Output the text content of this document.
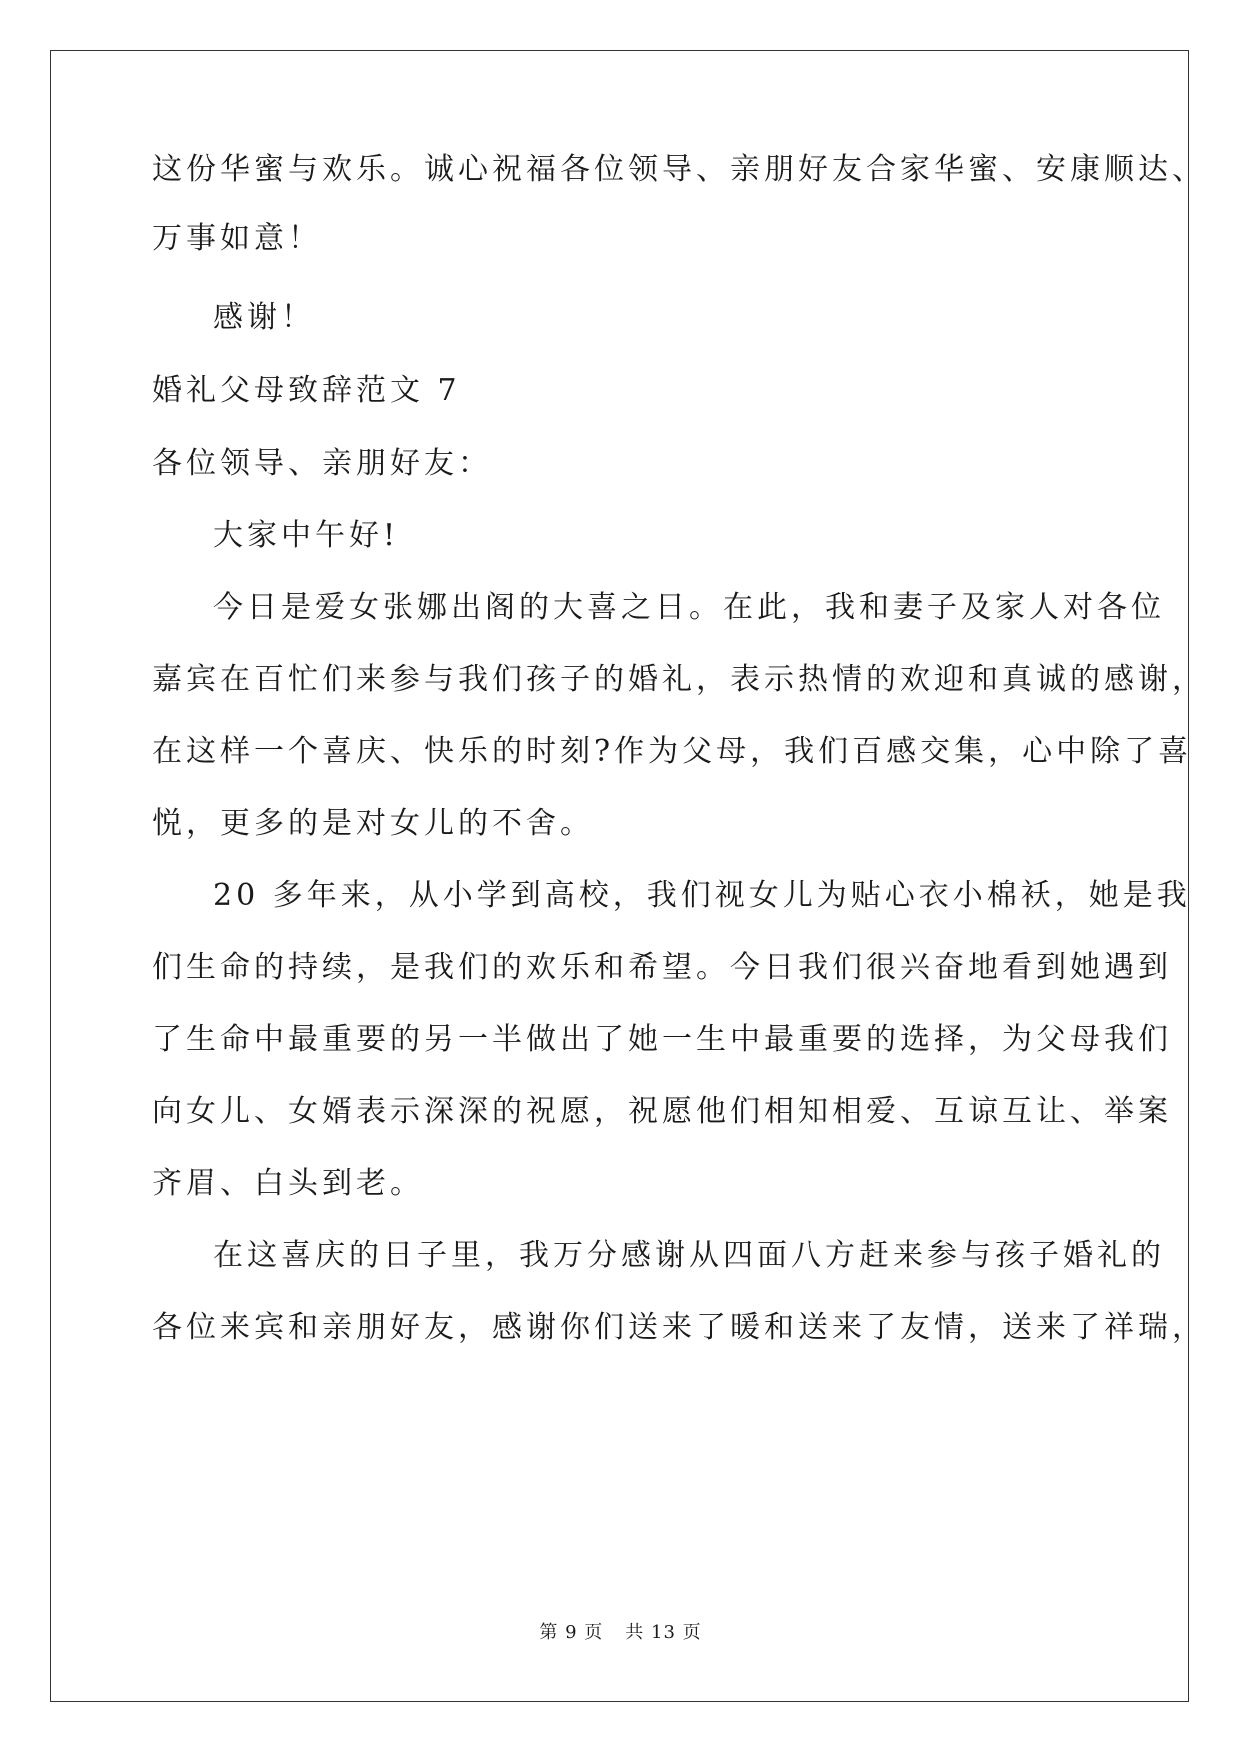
这份华蜜与欢乐。诚心祝福各位领导、亲朋好友合家华蜜、安康顺达、
万事如意！
感谢！
婚礼父母致辞范文 7
各位领导、亲朋好友：
大家中午好!
今日是爱女张娜出阁的大喜之日。在此，我和妻子及家人对各位
嘉宾在百忙们来参与我们孩子的婚礼，表示热情的欢迎和真诚的感谢，
在这样一个喜庆、快乐的时刻?作为父母，我们百感交集，心中除了喜
悦，更多的是对女儿的不舍。
20 多年来，从小学到高校，我们视女儿为贴心衣小棉袄，她是我
们生命的持续，是我们的欢乐和希望。今日我们很兴奋地看到她遇到
了生命中最重要的另一半做出了她一生中最重要的选择，为父母我们
向女儿、女婿表示深深的祝愿，祝愿他们相知相爱、互谅互让、举案
齐眉、白头到老。
在这喜庆的日子里，我万分感谢从四面八方赶来参与孩子婚礼的
各位来宾和亲朋好友，感谢你们送来了暖和送来了友情，送来了祥瑞，
第 9 页 共 13 页
